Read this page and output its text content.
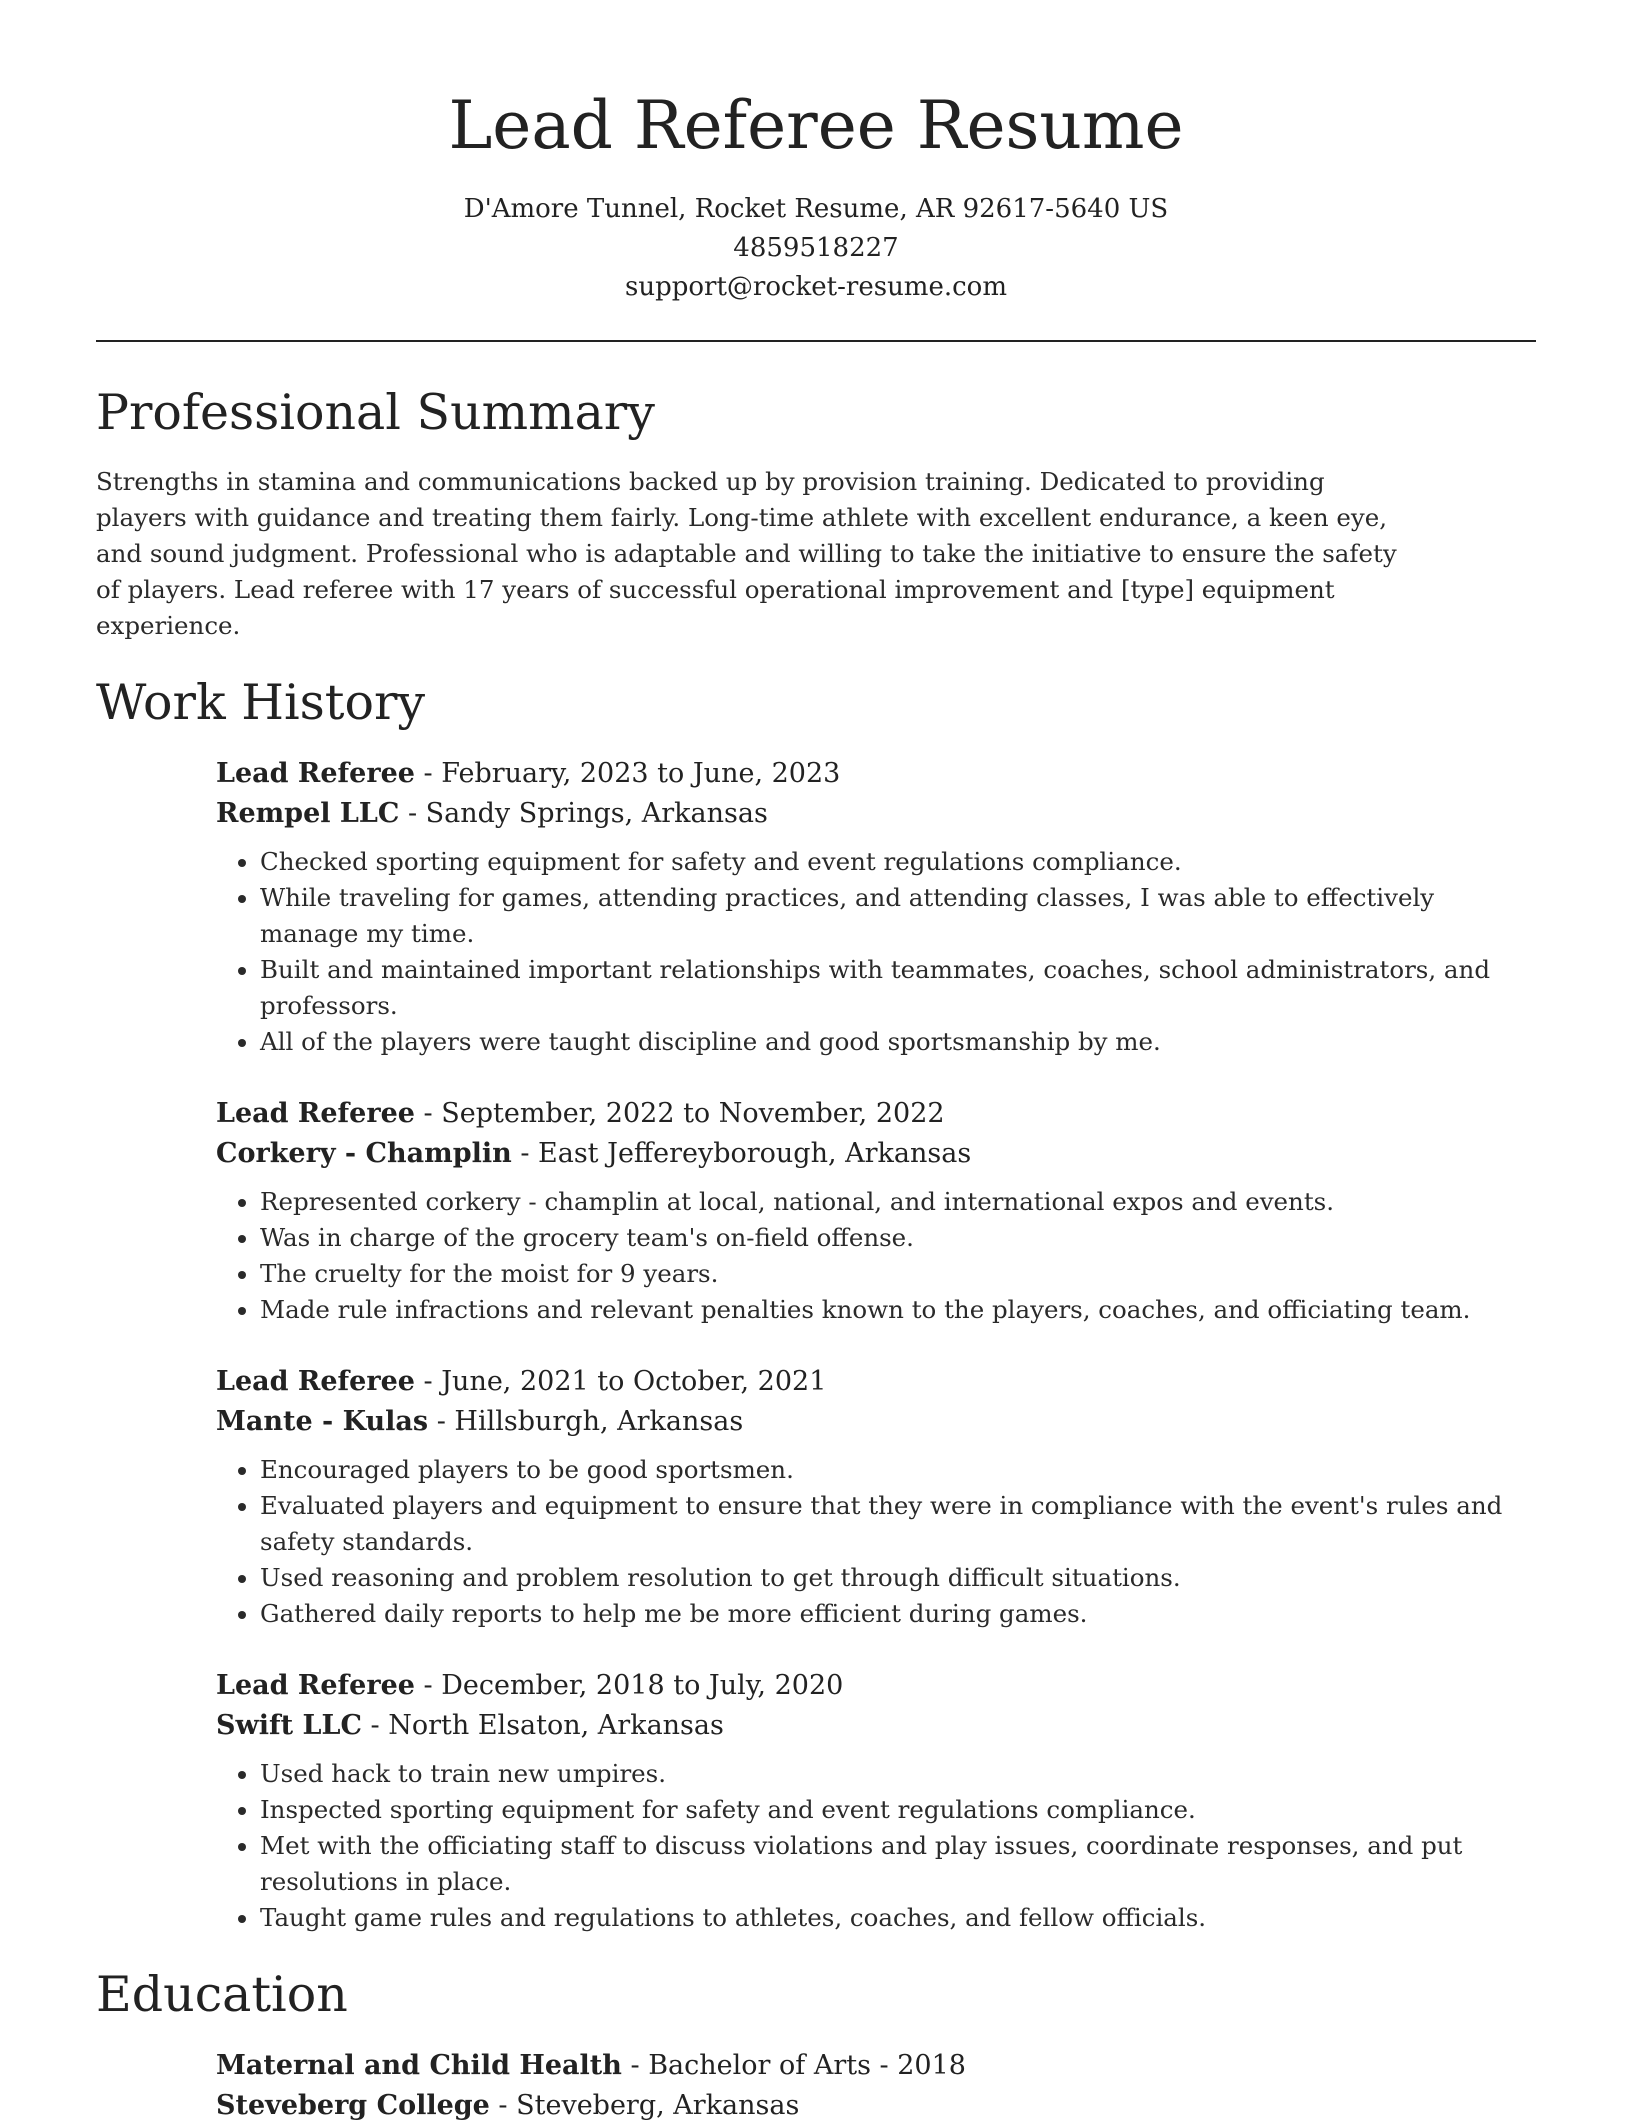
Lead Referee Resume
D'Amore Tunnel, Rocket Resume, AR 92617-5640 US
4859518227
support@rocket-resume.com
Professional Summary

Strengths in stamina and communications backed up by provision training. Dedicated to providing players with guidance and treating them fairly. Long-time athlete with excellent endurance, a keen eye, and sound judgment. Professional who is adaptable and willing to take the initiative to ensure the safety of players. Lead referee with 17 years of successful operational improvement and [type] equipment experience.

Work History
Lead Referee - February, 2023 to June, 2023
Rempel LLC - Sandy Springs, Arkansas
• Checked sporting equipment for safety and event regulations compliance.
• While traveling for games, attending practices, and attending classes, I was able to effectively manage my time.
• Built and maintained important relationships with teammates, coaches, school administrators, and professors.
• All of the players were taught discipline and good sportsmanship by me.
Lead Referee - September, 2022 to November, 2022
Corkery - Champlin - East Jeffereyborough, Arkansas
• Represented corkery - champlin at local, national, and international expos and events.
• Was in charge of the grocery team's on-field offense.
• The cruelty for the moist for 9 years.
• Made rule infractions and relevant penalties known to the players, coaches, and officiating team.
Lead Referee - June, 2021 to October, 2021
Mante - Kulas - Hillsburgh, Arkansas
• Encouraged players to be good sportsmen.
• Evaluated players and equipment to ensure that they were in compliance with the event's rules and safety standards.
• Used reasoning and problem resolution to get through difficult situations.
• Gathered daily reports to help me be more efficient during games.
Lead Referee - December, 2018 to July, 2020
Swift LLC - North Elsaton, Arkansas
• Used hack to train new umpires.
• Inspected sporting equipment for safety and event regulations compliance.
• Met with the officiating staff to discuss violations and play issues, coordinate responses, and put resolutions in place.
• Taught game rules and regulations to athletes, coaches, and fellow officials.
Education
Maternal and Child Health - Bachelor of Arts - 2018
Steveberg College - Steveberg, Arkansas
